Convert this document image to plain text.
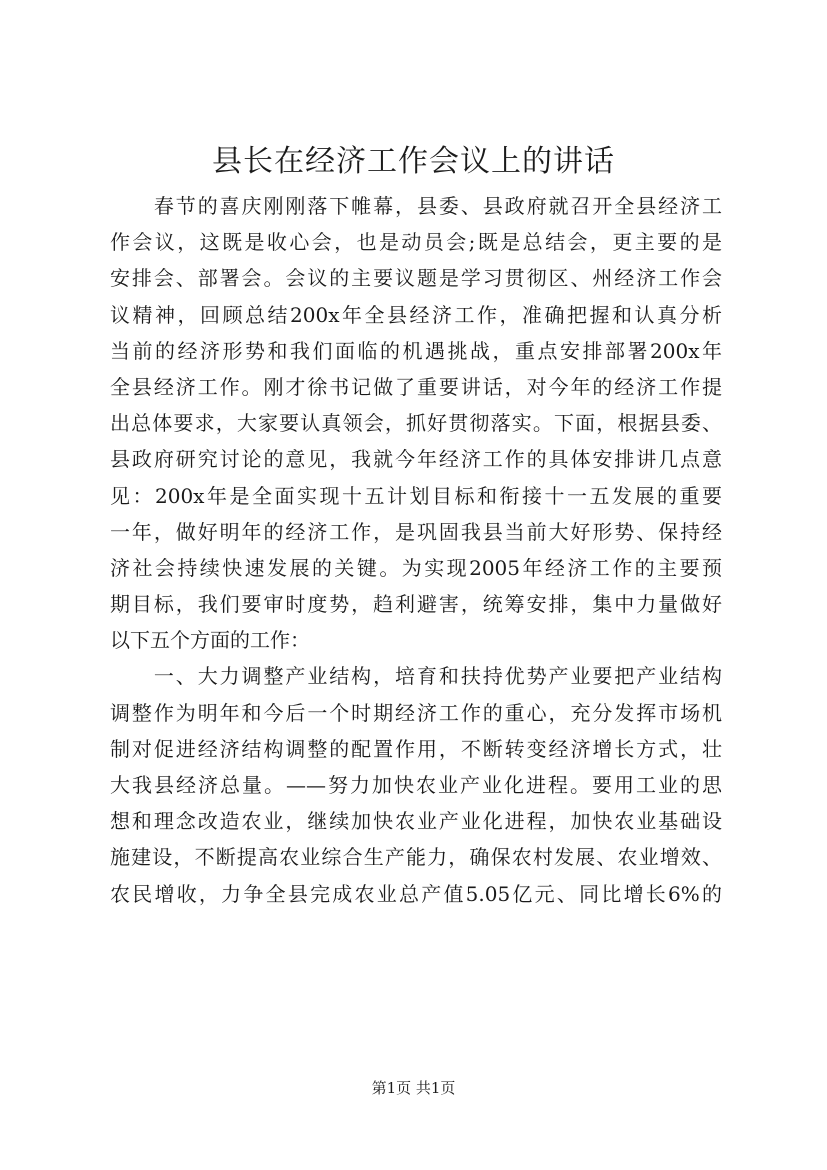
县长在经济工作会议上的讲话
　　春节的喜庆刚刚落下帷幕，县委、县政府就召开全县经济工
作会议，这既是收心会，也是动员会;既是总结会，更主要的是
安排会、部署会。会议的主要议题是学习贯彻区、州经济工作会
议精神，回顾总结200x年全县经济工作，准确把握和认真分析
当前的经济形势和我们面临的机遇挑战，重点安排部署200x年
全县经济工作。刚才徐书记做了重要讲话，对今年的经济工作提
出总体要求，大家要认真领会，抓好贯彻落实。下面，根据县委、
县政府研究讨论的意见，我就今年经济工作的具体安排讲几点意
见：200x年是全面实现十五计划目标和衔接十一五发展的重要
一年，做好明年的经济工作，是巩固我县当前大好形势、保持经
济社会持续快速发展的关键。为实现2005年经济工作的主要预
期目标，我们要审时度势，趋利避害，统筹安排，集中力量做好
以下五个方面的工作：
　　一、大力调整产业结构，培育和扶持优势产业要把产业结构
调整作为明年和今后一个时期经济工作的重心，充分发挥市场机
制对促进经济结构调整的配置作用，不断转变经济增长方式，壮
大我县经济总量。——努力加快农业产业化进程。要用工业的思
想和理念改造农业，继续加快农业产业化进程，加快农业基础设
施建设，不断提高农业综合生产能力，确保农村发展、农业增效、
农民增收，力争全县完成农业总产值5.05亿元、同比增长6%的
第1页 共1页
